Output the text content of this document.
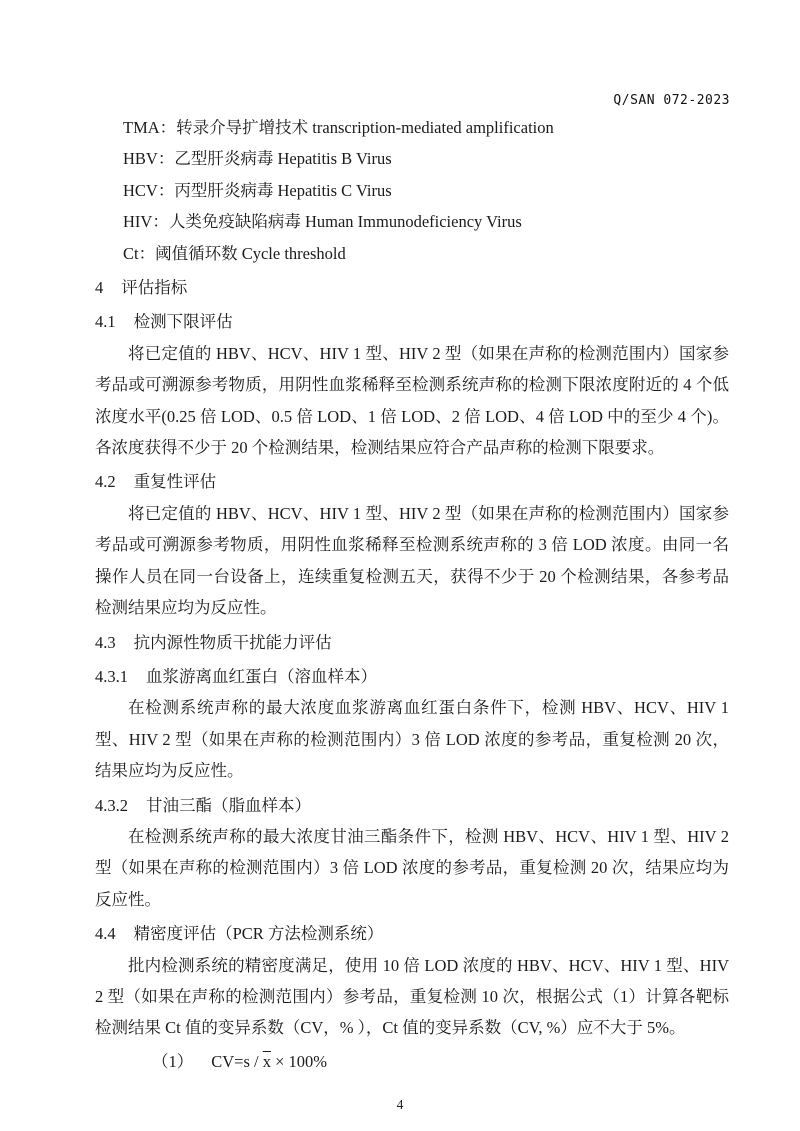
Q/SAN 072-2023
TMA：转录介导扩增技术 transcription-mediated amplification
HBV：乙型肝炎病毒 Hepatitis B Virus
HCV：丙型肝炎病毒 Hepatitis C Virus
HIV：人类免疫缺陷病毒 Human Immunodeficiency Virus
Ct：阈值循环数 Cycle threshold
4 评估指标
4.1 检测下限评估
将已定值的 HBV、HCV、HIV 1 型、HIV 2 型（如果在声称的检测范围内）国家参考品或可溯源参考物质，用阴性血浆稀释至检测系统声称的检测下限浓度附近的 4 个低浓度水平(0.25 倍 LOD、0.5 倍 LOD、1 倍 LOD、2 倍 LOD、4 倍 LOD 中的至少 4 个)。各浓度获得不少于 20 个检测结果，检测结果应符合产品声称的检测下限要求。
4.2 重复性评估
将已定值的 HBV、HCV、HIV 1 型、HIV 2 型（如果在声称的检测范围内）国家参考品或可溯源参考物质，用阴性血浆稀释至检测系统声称的 3 倍 LOD 浓度。由同一名操作人员在同一台设备上，连续重复检测五天，获得不少于 20 个检测结果，各参考品检测结果应均为反应性。
4.3 抗内源性物质干扰能力评估
4.3.1 血浆游离血红蛋白（溶血样本）
在检测系统声称的最大浓度血浆游离血红蛋白条件下，检测 HBV、HCV、HIV 1 型、HIV 2 型（如果在声称的检测范围内）3 倍 LOD 浓度的参考品，重复检测 20 次，结果应均为反应性。
4.3.2 甘油三酯（脂血样本）
在检测系统声称的最大浓度甘油三酯条件下，检测 HBV、HCV、HIV 1 型、HIV 2 型（如果在声称的检测范围内）3 倍 LOD 浓度的参考品，重复检测 20 次，结果应均为反应性。
4.4 精密度评估（PCR 方法检测系统）
批内检测系统的精密度满足，使用 10 倍 LOD 浓度的 HBV、HCV、HIV 1 型、HIV 2 型（如果在声称的检测范围内）参考品，重复检测 10 次，根据公式（1）计算各靶标检测结果 Ct 值的变异系数（CV，% ），Ct 值的变异系数（CV, %）应不大于 5%。
（1） $CV=s / \overline{x} \times 100\%$
4
